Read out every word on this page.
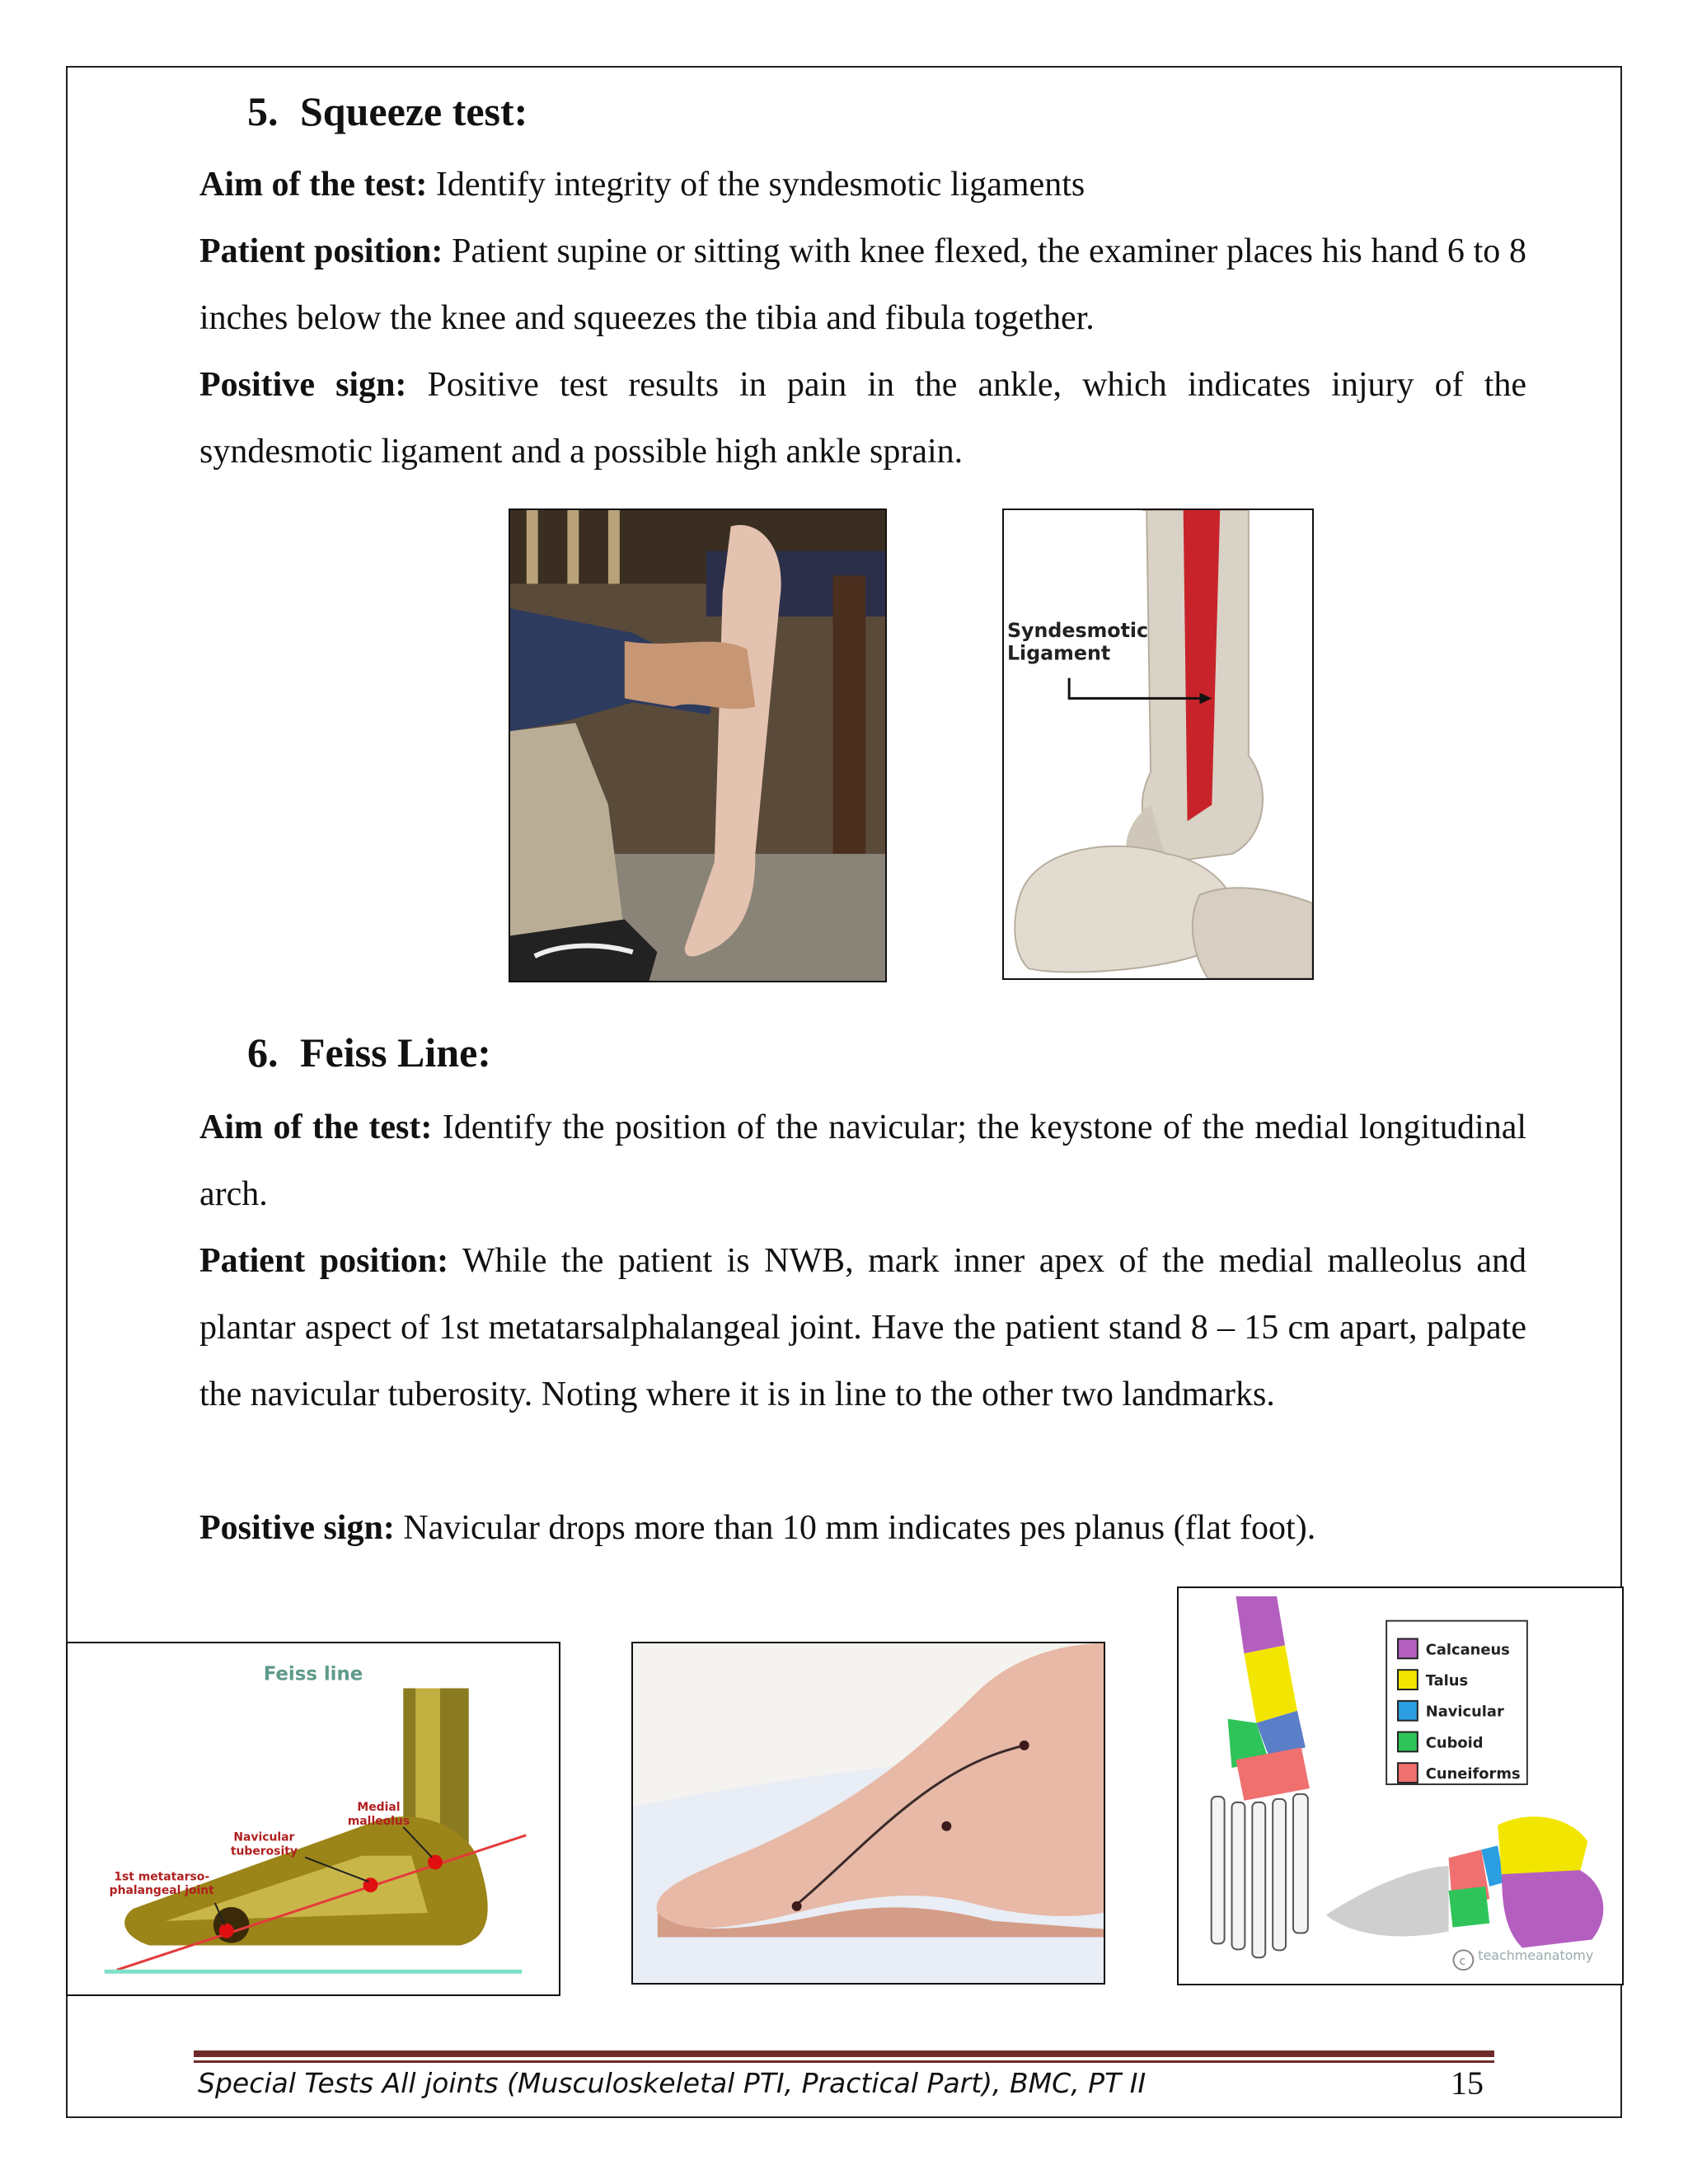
5. Squeeze test:

Aim of the test: Identify integrity of the syndesmotic ligaments

Patient position: Patient supine or sitting with knee flexed, the examiner places his hand 6 to 8 inches below the knee and squeezes the tibia and fibula together.

Positive sign: Positive test results in pain in the ankle, which indicates injury of the syndesmotic ligament and a possible high ankle sprain.

Syndesmotic
Ligament
6. Feiss Line:

Aim of the test: Identify the position of the navicular; the keystone of the medial longitudinal arch.

Patient position: While the patient is NWB, mark inner apex of the medial malleolus and plantar aspect of 1st metatarsalphalangeal joint. Have the patient stand 8 – 15 cm apart, palpate the navicular tuberosity. Noting where it is in line to the other two landmarks.

Positive sign: Navicular drops more than 10 mm indicates pes planus (flat foot).

Feiss line
Medial
malleolus
Navicular
tuberosity
1st metatarso-
phalangeal joint
Calcaneus
Talus
Navicular
Cuboid
Cuneiforms
c teachmeanatomy
Special Tests All joints (Musculoskeletal PTI, Practical Part), BMC, PT II	15
